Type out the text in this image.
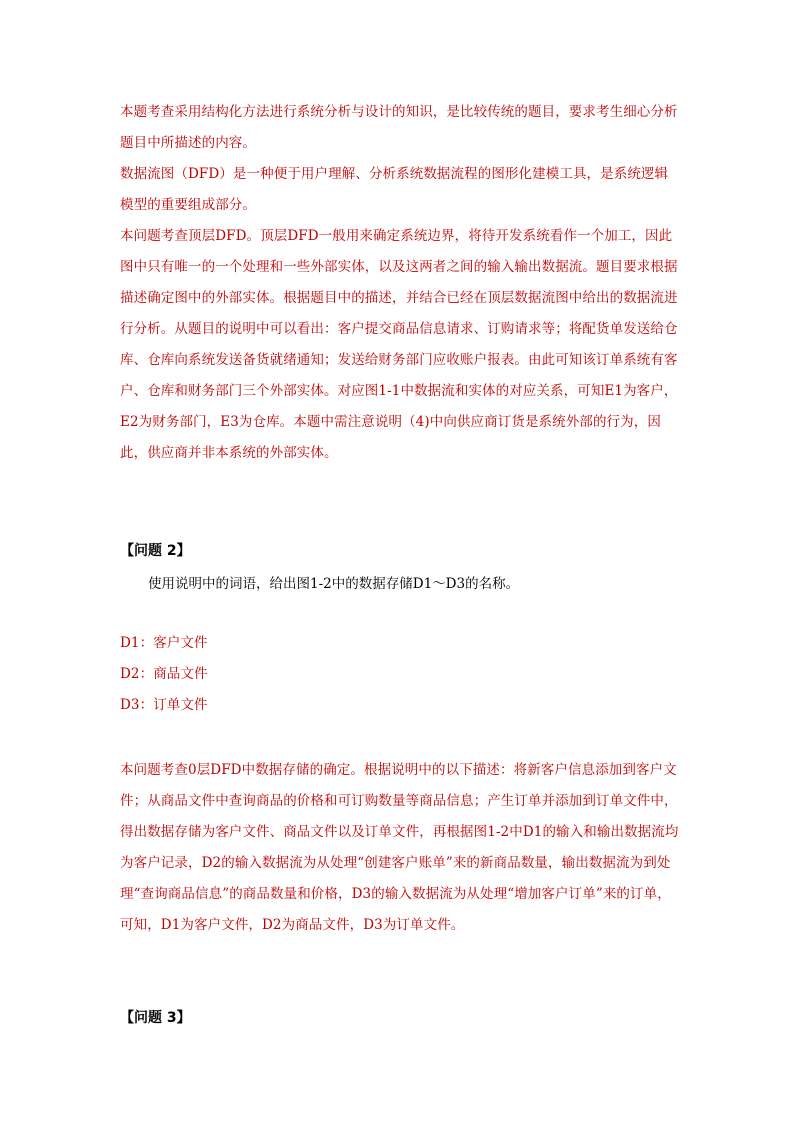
本题考查采用结构化方法进行系统分析与设计的知识，是比较传统的题目，要求考生细心分析题目中所描述的内容。

数据流图（DFD）是一种便于用户理解、分析系统数据流程的图形化建模工具，是系统逻辑模型的重要组成部分。

本问题考查顶层DFD。顶层DFD一般用来确定系统边界，将待开发系统看作一个加工，因此图中只有唯一的一个处理和一些外部实体，以及这两者之间的输入输出数据流。题目要求根据描述确定图中的外部实体。根据题目中的描述，并结合已经在顶层数据流图中给出的数据流进行分析。从题目的说明中可以看出：客户提交商品信息请求、订购请求等；将配货单发送给仓库、仓库向系统发送备货就绪通知；发送给财务部门应收账户报表。由此可知该订单系统有客户、仓库和财务部门三个外部实体。对应图1-1中数据流和实体的对应关系，可知E1为客户，E2为财务部门，E3为仓库。本题中需注意说明（4)中向供应商订货是系统外部的行为，因此，供应商并非本系统的外部实体。

【问题 2】
使用说明中的词语，给出图1-2中的数据存储D1～D3的名称。

D1：客户文件

D2：商品文件

D3：订单文件

本问题考查0层DFD中数据存储的确定。根据说明中的以下描述：将新客户信息添加到客户文件；从商品文件中查询商品的价格和可订购数量等商品信息；产生订单并添加到订单文件中，得出数据存储为客户文件、商品文件以及订单文件，再根据图1-2中D1的输入和输出数据流均为客户记录，D2的输入数据流为从处理“创建客户账单”来的新商品数量，输出数据流为到处理“查询商品信息”的商品数量和价格，D3的输入数据流为从处理“增加客户订单”来的订单，可知，D1为客户文件，D2为商品文件，D3为订单文件。

【问题 3】
